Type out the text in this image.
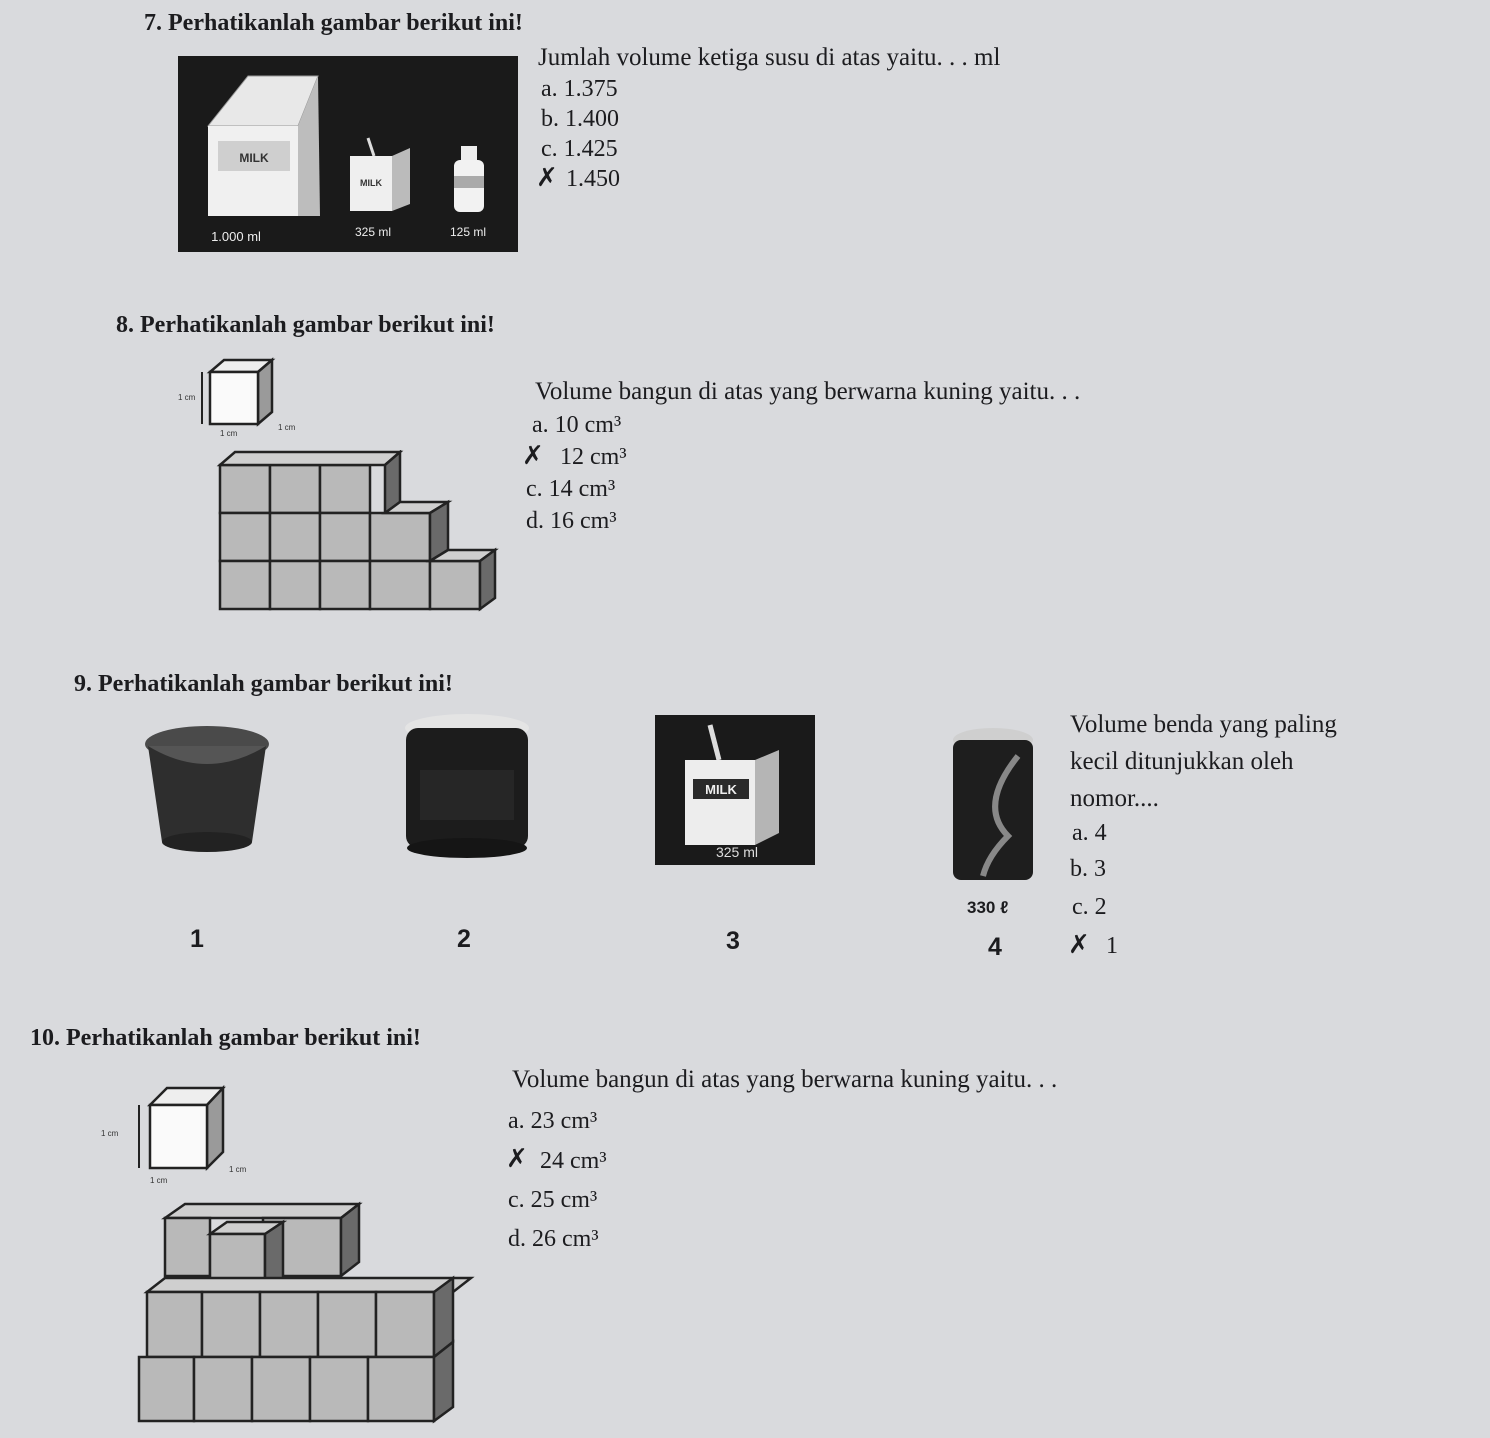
7. Perhatikanlah gambar berikut ini!
MILK
MILK
1.000 ml	325 ml	125 ml
Jumlah volume ketiga susu di atas yaitu. . . ml
a. 1.375
b. 1.400
c. 1.425
✗ 1.450
8. Perhatikanlah gambar berikut ini!
1 cm
1 cm
1 cm
Volume bangun di atas yang berwarna kuning yaitu. . .
a. 10 cm³
✗ 12 cm³
c. 14 cm³
d. 16 cm³
9. Perhatikanlah gambar berikut ini!
MILK
325 ml
330 ℓ
1	2	3	4
Volume benda yang paling
kecil ditunjukkan oleh
nomor....
a. 4
b. 3
c. 2
✗ 1
10. Perhatikanlah gambar berikut ini!
1 cm
1 cm
1 cm
Volume bangun di atas yang berwarna kuning yaitu. . .
a. 23 cm³
✗ 24 cm³
c. 25 cm³
d. 26 cm³
